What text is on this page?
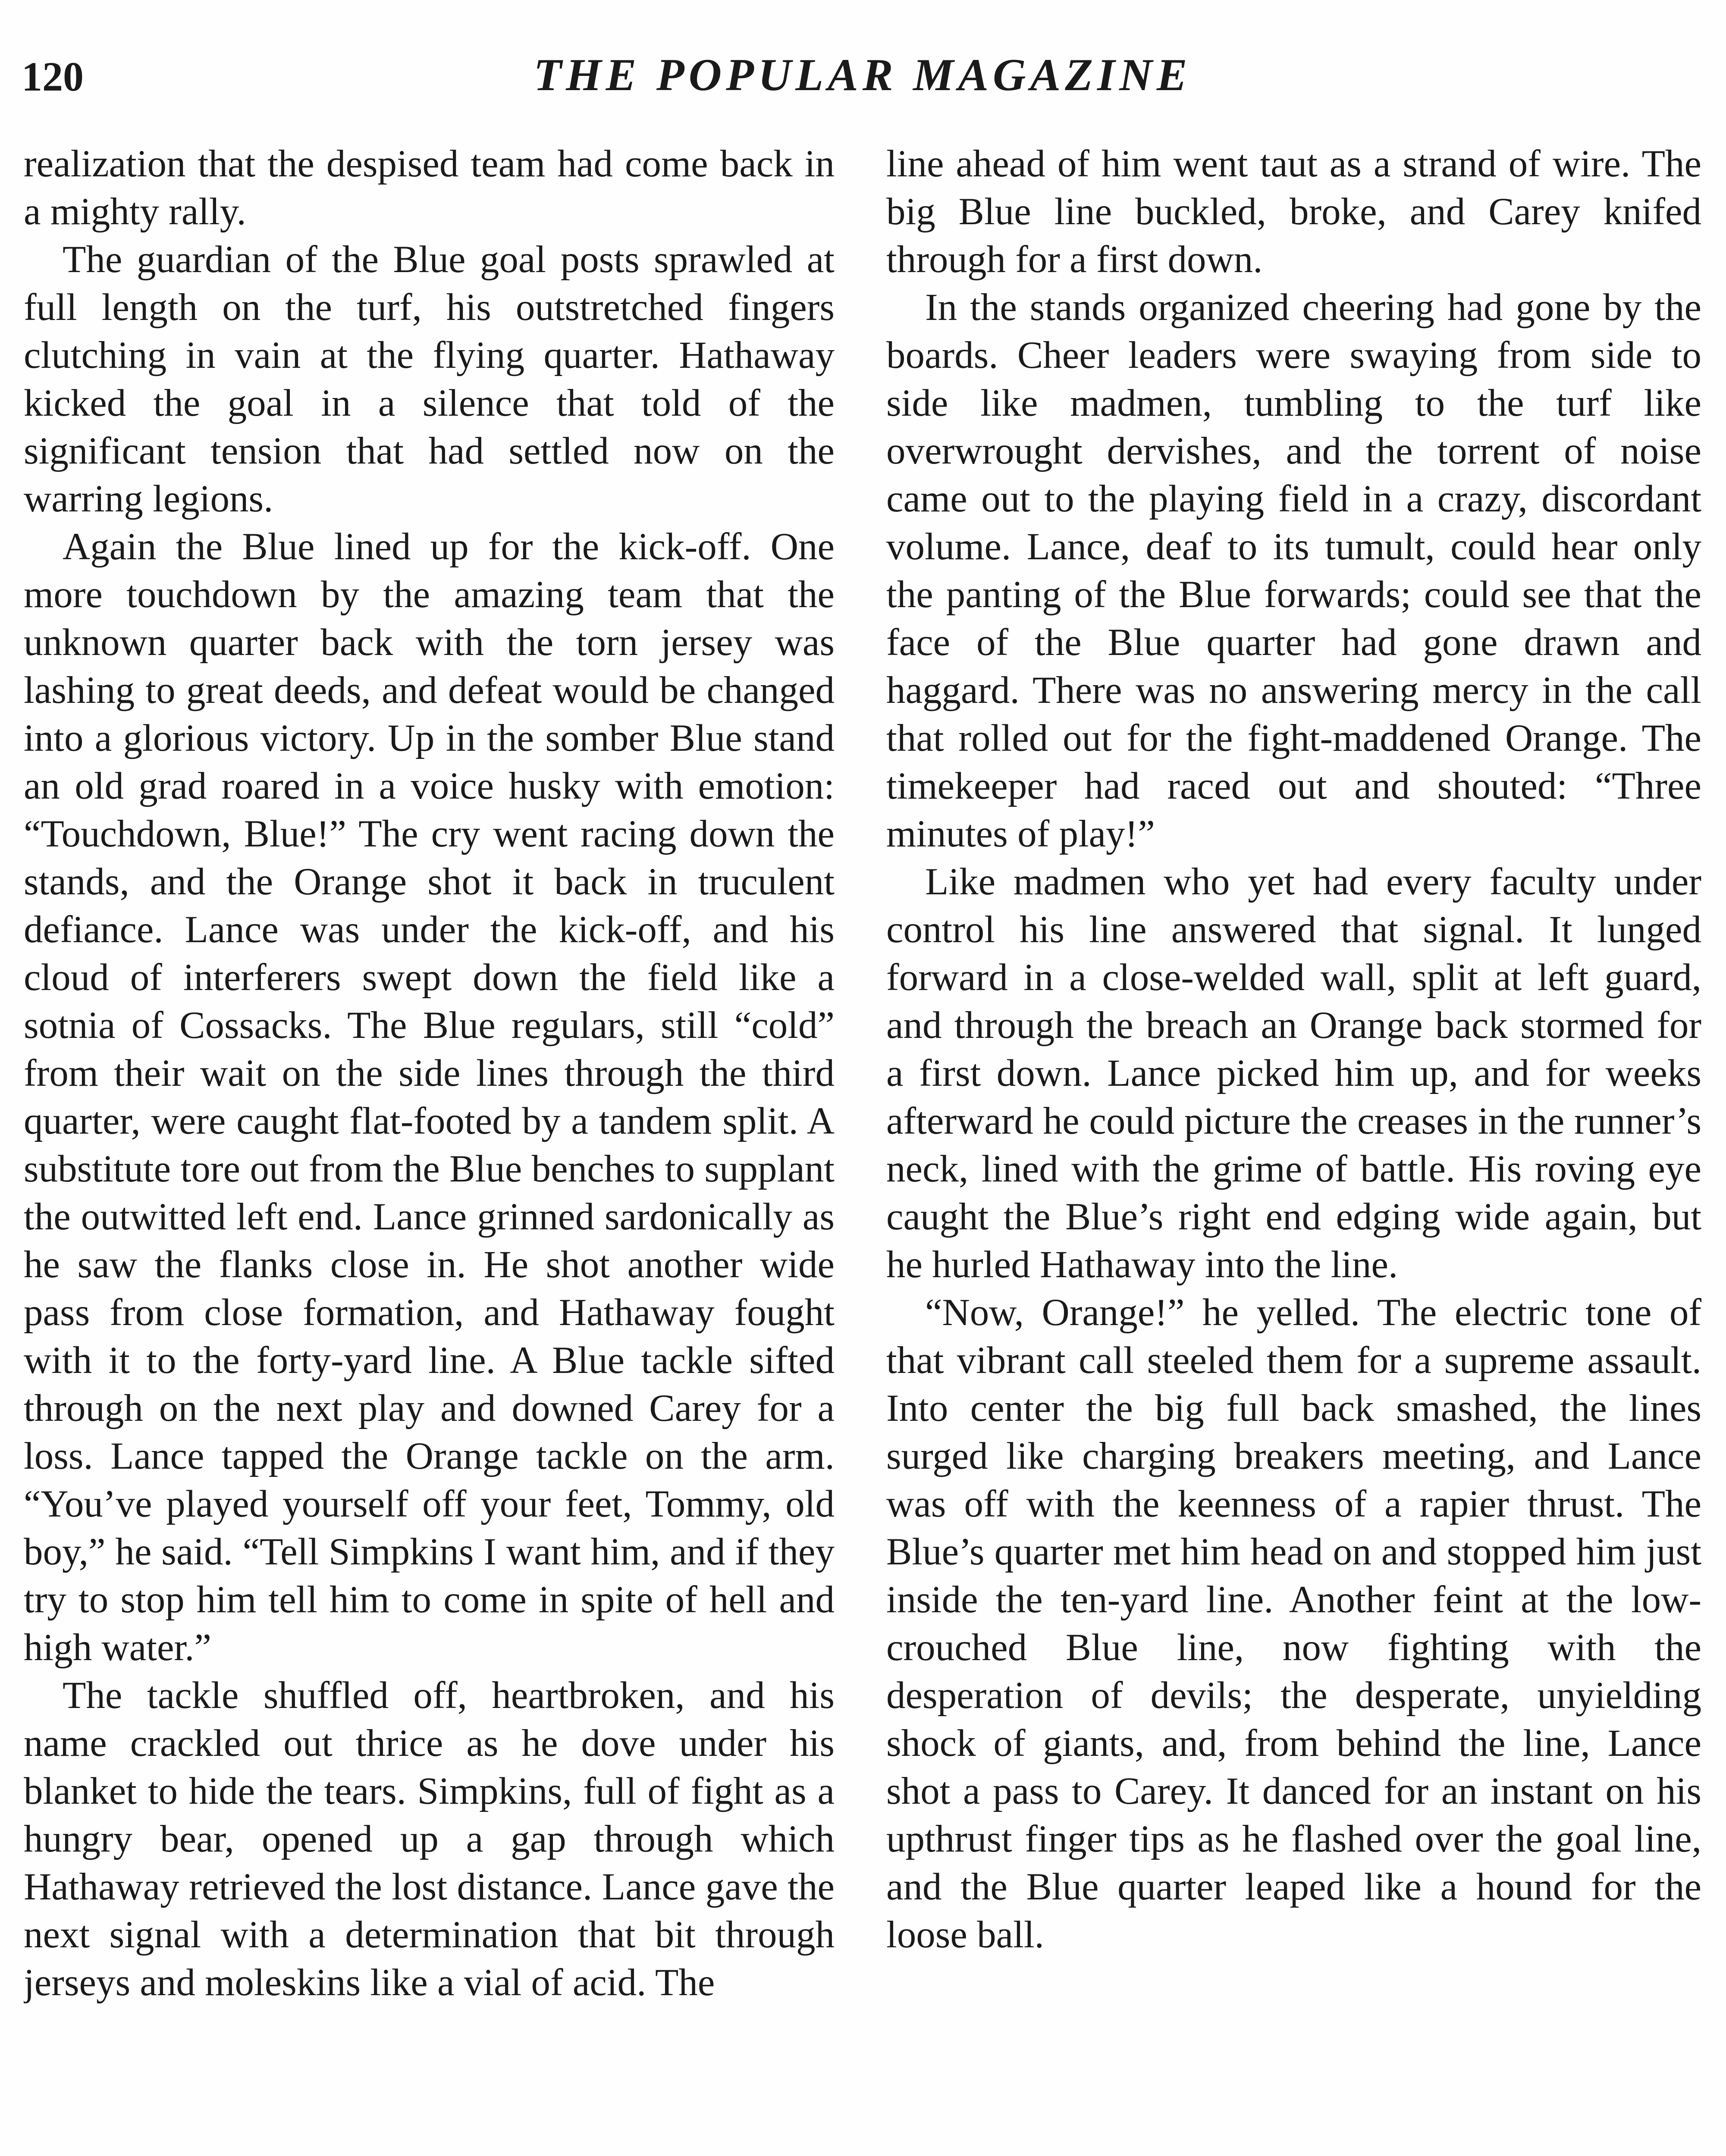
120	THE POPULAR MAGAZINE

realization that the despised team had come back in a mighty rally.

The guardian of the Blue goal posts sprawled at full length on the turf, his outstretched fingers clutching in vain at the flying quarter. Hathaway kicked the goal in a silence that told of the significant tension that had settled now on the warring legions.

Again the Blue lined up for the kick-off. One more touchdown by the amazing team that the unknown quarter back with the torn jersey was lashing to great deeds, and defeat would be changed into a glorious victory. Up in the somber Blue stand an old grad roared in a voice husky with emotion: “Touchdown, Blue!” The cry went racing down the stands, and the Orange shot it back in truculent defiance. Lance was under the kick-off, and his cloud of interferers swept down the field like a sotnia of Cossacks. The Blue regulars, still “cold” from their wait on the side lines through the third quarter, were caught flat-footed by a tandem split. A substitute tore out from the Blue benches to supplant the outwitted left end. Lance grinned sardonically as he saw the flanks close in. He shot another wide pass from close formation, and Hathaway fought with it to the forty-yard line. A Blue tackle sifted through on the next play and downed Carey for a loss. Lance tapped the Orange tackle on the arm. “You’ve played yourself off your feet, Tommy, old boy,” he said. “Tell Simpkins I want him, and if they try to stop him tell him to come in spite of hell and high water.”

The tackle shuffled off, heartbroken, and his name crackled out thrice as he dove under his blanket to hide the tears. Simpkins, full of fight as a hungry bear, opened up a gap through which Hathaway retrieved the lost distance. Lance gave the next signal with a determination that bit through jerseys and moleskins like a vial of acid. The

line ahead of him went taut as a strand of wire. The big Blue line buckled, broke, and Carey knifed through for a first down.

In the stands organized cheering had gone by the boards. Cheer leaders were swaying from side to side like madmen, tumbling to the turf like overwrought dervishes, and the torrent of noise came out to the playing field in a crazy, discordant volume. Lance, deaf to its tumult, could hear only the panting of the Blue forwards; could see that the face of the Blue quarter had gone drawn and haggard. There was no answering mercy in the call that rolled out for the fight-maddened Orange. The timekeeper had raced out and shouted: “Three minutes of play!”

Like madmen who yet had every faculty under control his line answered that signal. It lunged forward in a close-welded wall, split at left guard, and through the breach an Orange back stormed for a first down. Lance picked him up, and for weeks afterward he could picture the creases in the runner’s neck, lined with the grime of battle. His roving eye caught the Blue’s right end edging wide again, but he hurled Hathaway into the line.

“Now, Orange!” he yelled. The electric tone of that vibrant call steeled them for a supreme assault. Into center the big full back smashed, the lines surged like charging breakers meeting, and Lance was off with the keenness of a rapier thrust. The Blue’s quarter met him head on and stopped him just inside the ten-yard line. Another feint at the low-crouched Blue line, now fighting with the desperation of devils; the desperate, unyielding shock of giants, and, from behind the line, Lance shot a pass to Carey. It danced for an instant on his upthrust finger tips as he flashed over the goal line, and the Blue quarter leaped like a hound for the loose ball.
